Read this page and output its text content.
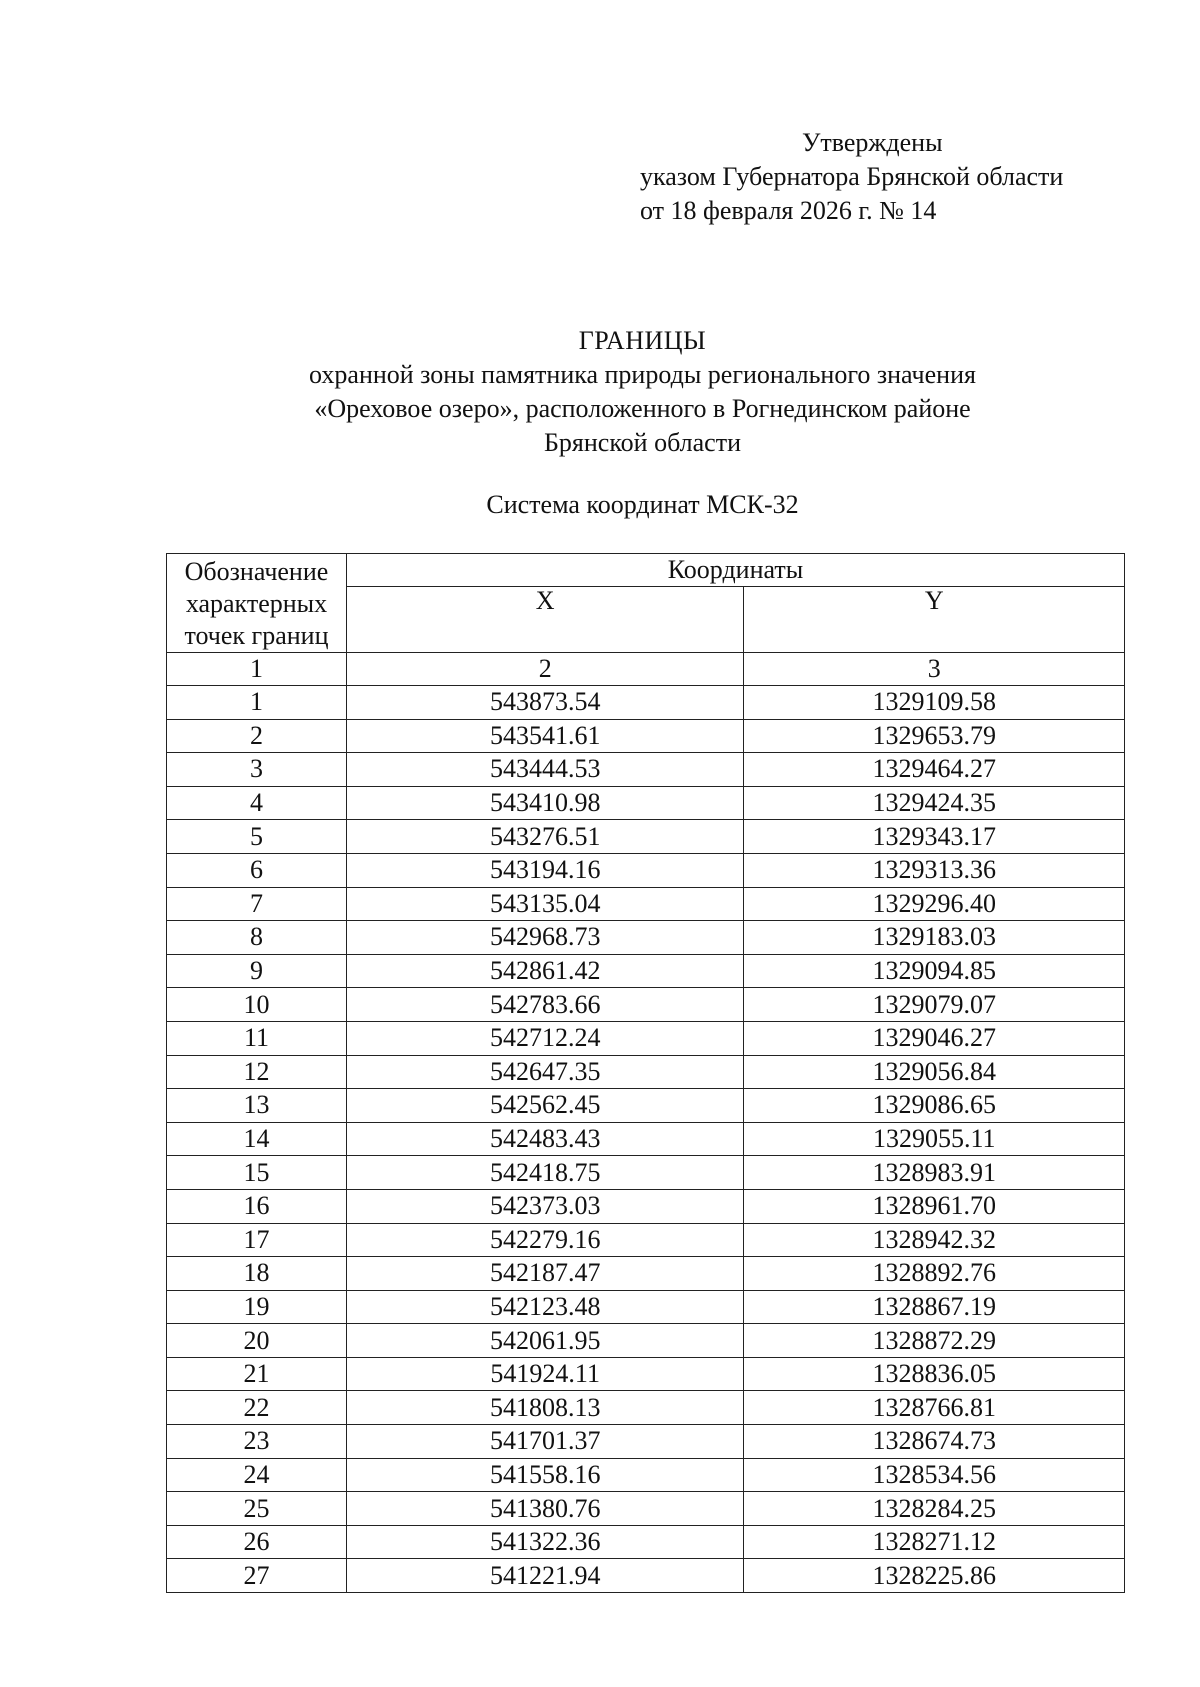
Утверждены
указом Губернатора Брянской области
от 18 февраля 2026 г. № 14
ГРАНИЦЫ
охранной зоны памятника природы регионального значения
«Ореховое озеро», расположенного в Рогнединском районе
Брянской области
Система координат МСК-32
Обозначение характерных точек границ	Координаты	
	X	Y
1	2	3
1	543873.54	1329109.58
2	543541.61	1329653.79
3	543444.53	1329464.27
4	543410.98	1329424.35
5	543276.51	1329343.17
6	543194.16	1329313.36
7	543135.04	1329296.40
8	542968.73	1329183.03
9	542861.42	1329094.85
10	542783.66	1329079.07
11	542712.24	1329046.27
12	542647.35	1329056.84
13	542562.45	1329086.65
14	542483.43	1329055.11
15	542418.75	1328983.91
16	542373.03	1328961.70
17	542279.16	1328942.32
18	542187.47	1328892.76
19	542123.48	1328867.19
20	542061.95	1328872.29
21	541924.11	1328836.05
22	541808.13	1328766.81
23	541701.37	1328674.73
24	541558.16	1328534.56
25	541380.76	1328284.25
26	541322.36	1328271.12
27	541221.94	1328225.86
